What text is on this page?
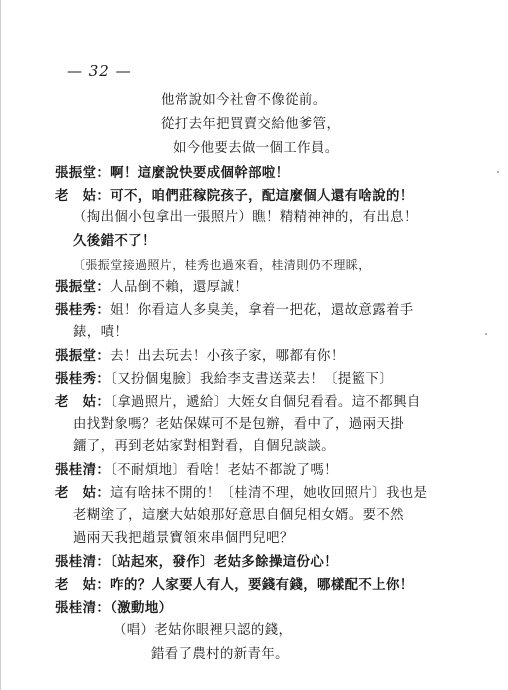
— 32 —
他常說如今社會不像從前。
從打去年把買賣交給他爹管，
如今他要去做一個工作員。
張振堂：啊！這麼說快要成個幹部啦！
老　姑：可不，咱們莊稼院孩子，配這麼個人還有啥說的！
（掏出個小包拿出一張照片）瞧！精精神神的，有出息！
久後錯不了！
〔張振堂接過照片，桂秀也過來看，桂清則仍不理睬，
張振堂：人品倒不賴，還厚誠！
張桂秀：姐！你看這人多臭美，拿着一把花，還故意露着手
錶，嘖！
張振堂：去！出去玩去！小孩子家，哪都有你！
張桂秀：〔又扮個鬼臉〕我給李支書送菜去！〔提籃下〕
老　姑：〔拿過照片，遞給〕大姪女自個兒看看。這不都興自
由找對象嗎？老姑保媒可不是包辦，看中了，過兩天掛
鐂了，再到老姑家對相對看，自個兒談談。
張桂清：〔不耐煩地〕看啥！老姑不都說了嗎！
老　姑：這有啥抹不開的！〔桂清不理，她收回照片〕我也是
老糊塗了，這麼大姑娘那好意思自個兒相女婿。要不然
過兩天我把趙景寶領來串個門兒吧？
張桂清：〔站起來，發作〕老姑多餘操這份心！
老　姑：咋的？人家要人有人，要錢有錢，哪樣配不上你！
張桂清：（激動地）
（唱）老姑你眼裡只認的錢，
錯看了農村的新青年。
